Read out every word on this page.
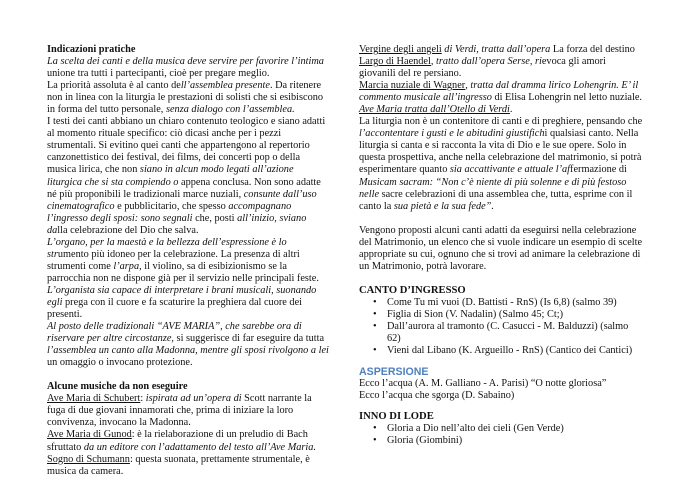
Indicazioni pratiche

La scelta dei canti e della musica deve servire per favorire l’intima
unione tra tutti i partecipanti, cioè per pregare meglio.

La priorità assoluta è al canto dell’assemblea presente. Da ritenere non in linea con la liturgia le prestazioni di solisti che si esibiscono in forma del tutto personale, senza dialogo con l’assemblea.

I testi dei canti abbiano un chiaro contenuto teologico e siano adatti al momento rituale specifico: ciò dicasi anche per i pezzi strumentali. Si evitino quei canti che appartengono al repertorio canzonettistico dei festival, dei films, dei concerti pop o della musica lirica, che non siano in alcun modo legati all’azione liturgica che si sta compiendo o appena conclusa. Non sono adatte né più proponibili le tradizionali marce nuziali, consunte dall’uso cinematografico e pubblicitario, che spesso accompagnano l’ingresso degli sposi: sono segnali che, posti all’inizio, sviano dalla celebrazione del Dio che salva.

L’organo, per la maestà e la bellezza dell’espressione è lo strumento più idoneo per la celebrazione. La presenza di altri strumenti come l’arpa, il violino, sa di esibizionismo se la parrocchia non ne dispone già per il servizio nelle principali feste.

L’organista sia capace di interpretare i brani musicali, suonando egli prega con il cuore e fa scaturire la preghiera dal cuore dei presenti.
Al posto delle tradizionali “AVE MARIA”, che sarebbe ora di riservare per altre circostanze, si suggerisce di far eseguire da tutta l’assemblea un canto alla Madonna, mentre gli sposi rivolgono a lei un omaggio o invocano protezione.

Alcune musiche da non eseguire

Ave Maria di Schubert: ispirata ad un’opera di Scott narrante la fuga di due giovani innamorati che, prima di iniziare la loro convivenza, invocano la Madonna.

Ave Maria di Gunod: è la rielaborazione di un preludio di Bach sfruttato da un editore con l’adattamento del testo all’Ave Maria.

Sogno di Schumann: questa suonata, prettamente strumentale, è musica da camera.

Vergine degli angeli di Verdi, tratta dall’opera La forza del destino

Largo di Haendel, tratto dall’opera Serse, rievoca gli amori giovanili del re persiano.

Marcia nuziale di Wagner, tratta dal dramma lirico Lohengrin. E’ il commento musicale all’ingresso di Elisa Lohengrin nel letto nuziale.

Ave Maria tratta dall’Otello di Verdi.

La liturgia non è un contenitore di canti e di preghiere, pensando che l’accontentare i gusti e le abitudini giustifichi qualsiasi canto. Nella liturgia si canta e si racconta la vita di Dio e le sue opere. Solo in questa prospettiva, anche nella celebrazione del matrimonio, si potrà esperimentare quanto sia accattivante e attuale l’affermazione di Musicam sacram: “Non c’è niente di più solenne e di più festoso nelle sacre celebrazioni di una assemblea che, tutta, esprime con il canto la sua pietà e la sua fede”.

Vengono proposti alcuni canti adatti da eseguirsi nella celebrazione del Matrimonio, un elenco che si vuole indicare un esempio di scelte appropriate su cui, ognuno che si trovi ad animare la celebrazione di un Matrimonio, potrà lavorare.

CANTO D’INGRESSO

• Come Tu mi vuoi (D. Battisti - RnS) (Is 6,8) (salmo 39)
• Figlia di Sion (V. Nadalin) (Salmo 45; Ct;)
• Dall’aurora al tramonto (C. Casucci - M. Balduzzi) (salmo 62)
• Vieni dal Libano (K. Argueillo - RnS) (Cantico dei Cantici)

ASPERSIONE

Ecco l’acqua (A. M. Galliano - A. Parisi) “O notte gloriosa”

Ecco l’acqua che sgorga (D. Sabaino)

INNO DI LODE

• Gloria a Dio nell’alto dei cieli (Gen Verde)
• Gloria (Giombini)
